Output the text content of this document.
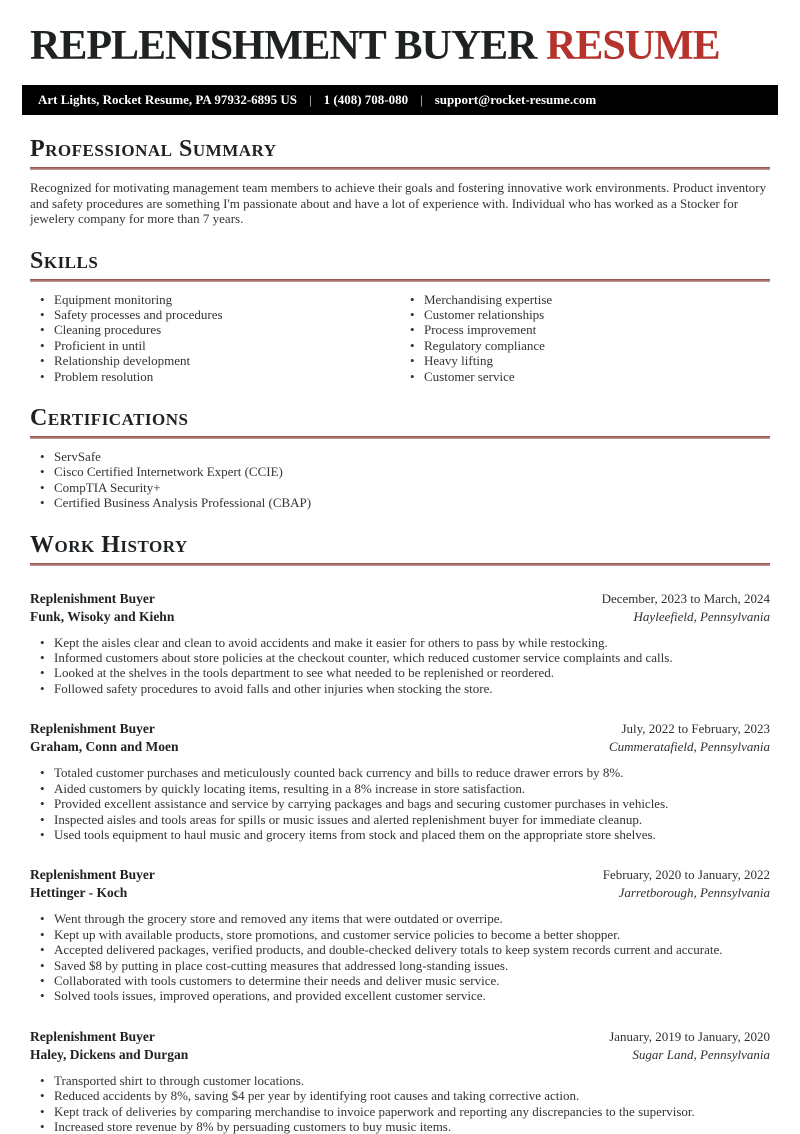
REPLENISHMENT BUYER RESUME
Art Lights, Rocket Resume, PA 97932-6895 US | 1 (408) 708-080 | support@rocket-resume.com
Professional Summary

Recognized for motivating management team members to achieve their goals and fostering innovative work environments. Product inventory and safety procedures are something I'm passionate about and have a lot of experience with. Individual who has worked as a Stocker for jewelery company for more than 7 years.

Skills
• Equipment monitoring
• Safety processes and procedures
• Cleaning procedures
• Proficient in until
• Relationship development
• Problem resolution
• Merchandising expertise
• Customer relationships
• Process improvement
• Regulatory compliance
• Heavy lifting
• Customer service
Certifications
• ServSafe
• Cisco Certified Internetwork Expert (CCIE)
• CompTIA Security+
• Certified Business Analysis Professional (CBAP)
Work History
Replenishment Buyer	December, 2023 to March, 2024
Funk, Wisoky and Kiehn	Hayleefield, Pennsylvania
• Kept the aisles clear and clean to avoid accidents and make it easier for others to pass by while restocking.
• Informed customers about store policies at the checkout counter, which reduced customer service complaints and calls.
• Looked at the shelves in the tools department to see what needed to be replenished or reordered.
• Followed safety procedures to avoid falls and other injuries when stocking the store.
Replenishment Buyer	July, 2022 to February, 2023
Graham, Conn and Moen	Cummeratafield, Pennsylvania
• Totaled customer purchases and meticulously counted back currency and bills to reduce drawer errors by 8%.
• Aided customers by quickly locating items, resulting in a 8% increase in store satisfaction.
• Provided excellent assistance and service by carrying packages and bags and securing customer purchases in vehicles.
• Inspected aisles and tools areas for spills or music issues and alerted replenishment buyer for immediate cleanup.
• Used tools equipment to haul music and grocery items from stock and placed them on the appropriate store shelves.
Replenishment Buyer	February, 2020 to January, 2022
Hettinger - Koch	Jarretborough, Pennsylvania
• Went through the grocery store and removed any items that were outdated or overripe.
• Kept up with available products, store promotions, and customer service policies to become a better shopper.
• Accepted delivered packages, verified products, and double-checked delivery totals to keep system records current and accurate.
• Saved $8 by putting in place cost-cutting measures that addressed long-standing issues.
• Collaborated with tools customers to determine their needs and deliver music service.
• Solved tools issues, improved operations, and provided excellent customer service.
Replenishment Buyer	January, 2019 to January, 2020
Haley, Dickens and Durgan	Sugar Land, Pennsylvania
• Transported shirt to through customer locations.
• Reduced accidents by 8%, saving $4 per year by identifying root causes and taking corrective action.
• Kept track of deliveries by comparing merchandise to invoice paperwork and reporting any discrepancies to the supervisor.
• Increased store revenue by 8% by persuading customers to buy music items.
